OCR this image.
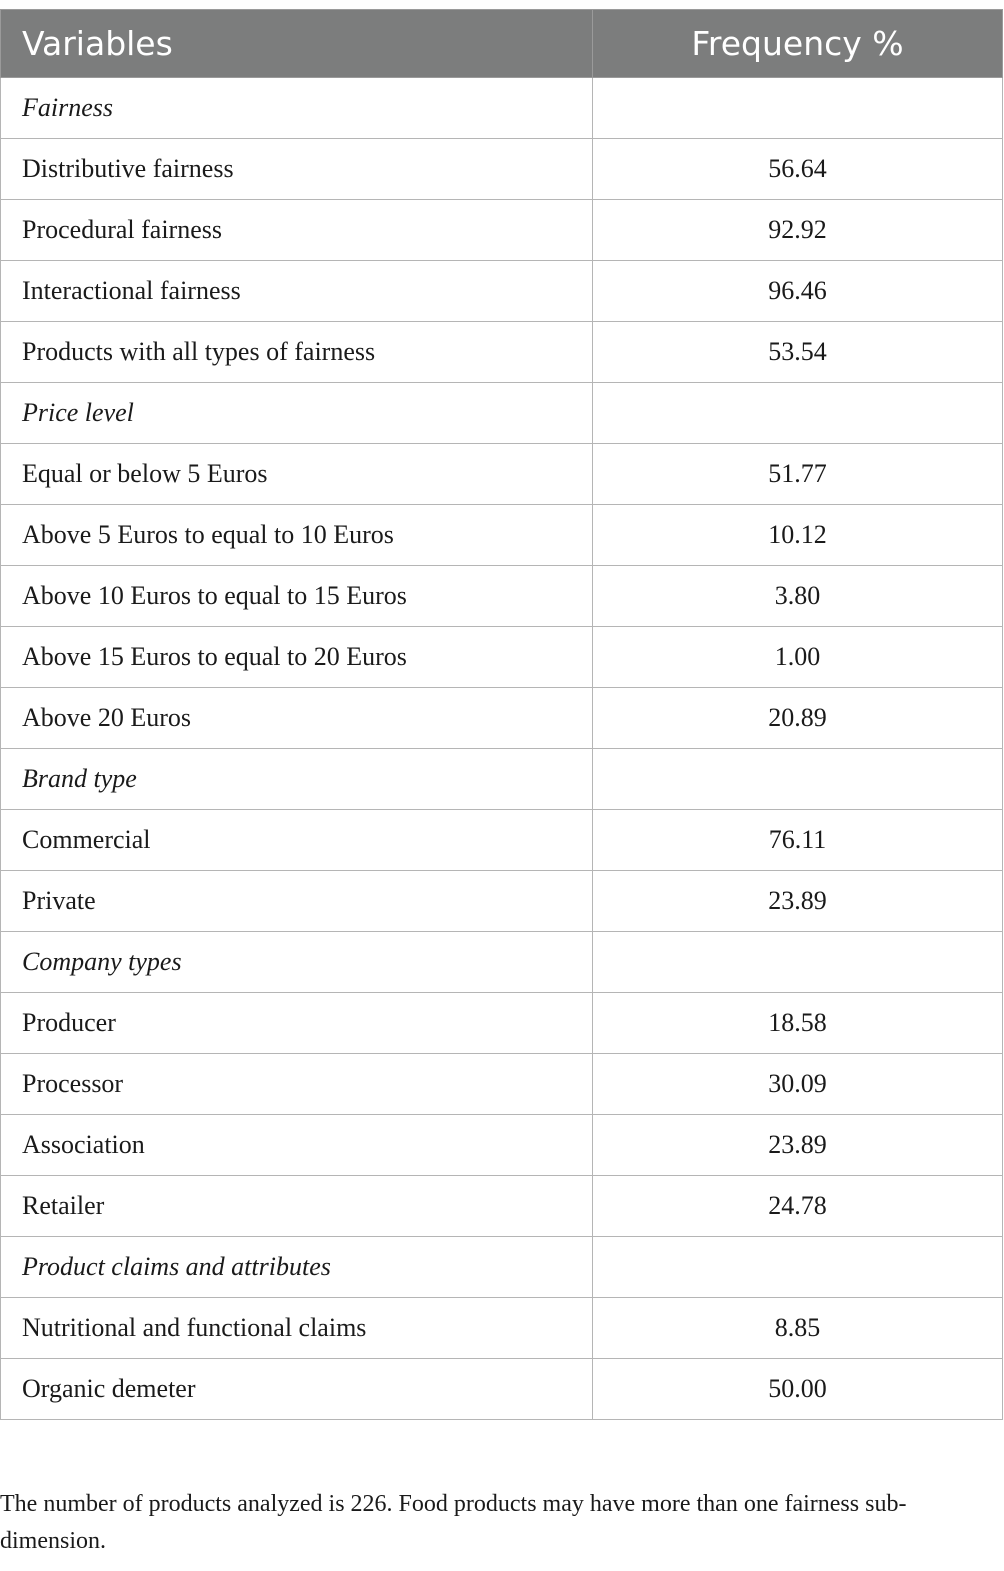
Variables	Frequency %
Fairness	
Distributive fairness	56.64
Procedural fairness	92.92
Interactional fairness	96.46
Products with all types of fairness	53.54
Price level	
Equal or below 5 Euros	51.77
Above 5 Euros to equal to 10 Euros	10.12
Above 10 Euros to equal to 15 Euros	3.80
Above 15 Euros to equal to 20 Euros	1.00
Above 20 Euros	20.89
Brand type	
Commercial	76.11
Private	23.89
Company types	
Producer	18.58
Processor	30.09
Association	23.89
Retailer	24.78
Product claims and attributes	
Nutritional and functional claims	8.85
Organic demeter	50.00
The number of products analyzed is 226. Food products may have more than one fairness sub-dimension.
